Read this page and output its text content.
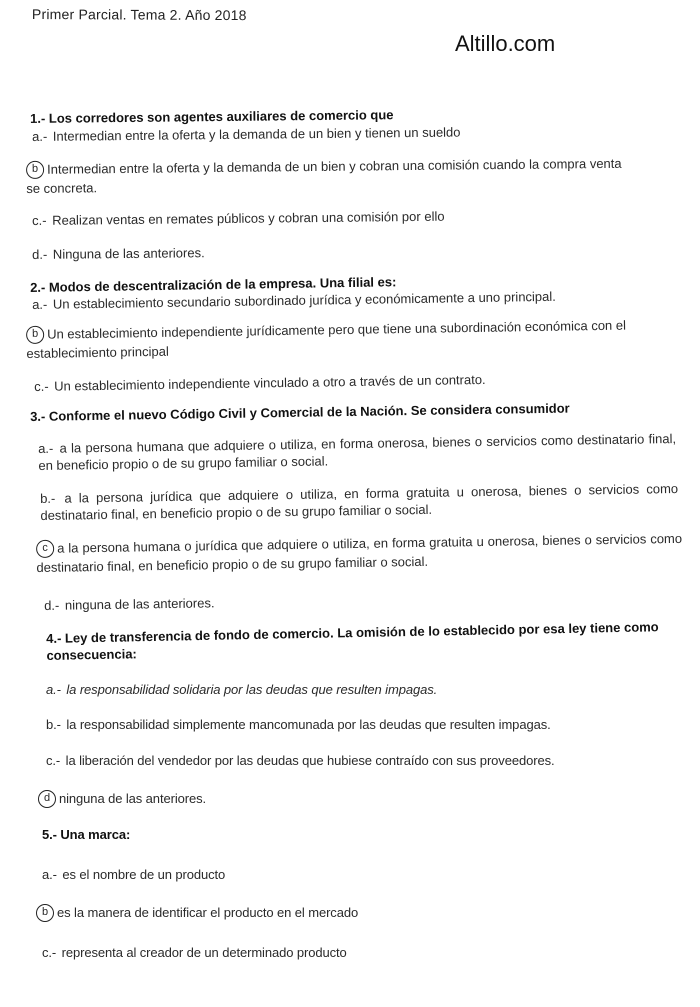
Primer Parcial. Tema 2. Año 2018
Altillo.com
1.- Los corredores son agentes auxiliares de comercio que
a.- Intermedian entre la oferta y la demanda de un bien y tienen un sueldo
b Intermedian entre la oferta y la demanda de un bien y cobran una comisión cuando la compra venta se concreta.
c.- Realizan ventas en remates públicos y cobran una comisión por ello
d.- Ninguna de las anteriores.
2.- Modos de descentralización de la empresa. Una filial es:
a.- Un establecimiento secundario subordinado jurídica y económicamente a uno principal.
b Un establecimiento independiente jurídicamente pero que tiene una subordinación económica con el establecimiento principal
c.- Un establecimiento independiente vinculado a otro a través de un contrato.
3.- Conforme el nuevo Código Civil y Comercial de la Nación. Se considera consumidor
a.- a la persona humana que adquiere o utiliza, en forma onerosa, bienes o servicios como destinatario final, en beneficio propio o de su grupo familiar o social.
b.- a la persona jurídica que adquiere o utiliza, en forma gratuita u onerosa, bienes o servicios como destinatario final, en beneficio propio o de su grupo familiar o social.
c a la persona humana o jurídica que adquiere o utiliza, en forma gratuita u onerosa, bienes o servicios como destinatario final, en beneficio propio o de su grupo familiar o social.
d.- ninguna de las anteriores.
4.- Ley de transferencia de fondo de comercio. La omisión de lo establecido por esa ley tiene como consecuencia:
a.- la responsabilidad solidaria por las deudas que resulten impagas.
b.- la responsabilidad simplemente mancomunada por las deudas que resulten impagas.
c.- la liberación del vendedor por las deudas que hubiese contraído con sus proveedores.
d ninguna de las anteriores.
5.- Una marca:
a.- es el nombre de un producto
b es la manera de identificar el producto en el mercado
c.- representa al creador de un determinado producto
